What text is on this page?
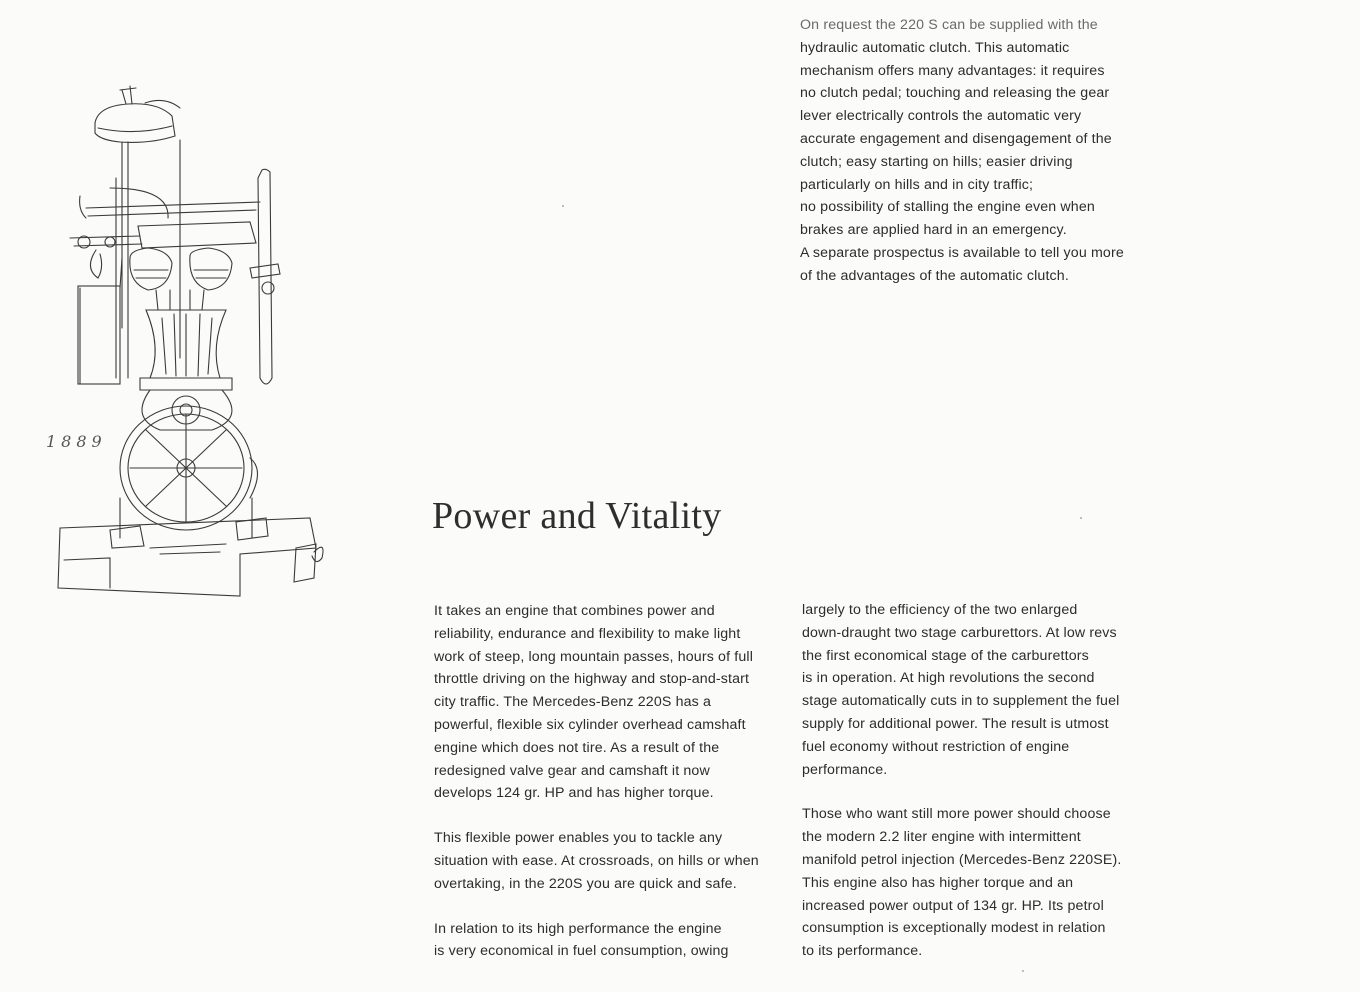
1889
On request the 220 S can be supplied with the
hydraulic automatic clutch. This automatic
mechanism offers many advantages: it requires
no clutch pedal; touching and releasing the gear
lever electrically controls the automatic very
accurate engagement and disengagement of the
clutch; easy starting on hills; easier driving
particularly on hills and in city traffic;
no possibility of stalling the engine even when
brakes are applied hard in an emergency.
A separate prospectus is available to tell you more
of the advantages of the automatic clutch.
Power and Vitality

It takes an engine that combines power and
reliability, endurance and flexibility to make light
work of steep, long mountain passes, hours of full
throttle driving on the highway and stop-and-start
city traffic. The Mercedes-Benz 220S has a
powerful, flexible six cylinder overhead camshaft
engine which does not tire. As a result of the
redesigned valve gear and camshaft it now
develops 124 gr. HP and has higher torque.

This flexible power enables you to tackle any
situation with ease. At crossroads, on hills or when
overtaking, in the 220S you are quick and safe.

In relation to its high performance the engine
is very economical in fuel consumption, owing

largely to the efficiency of the two enlarged
down-draught two stage carburettors. At low revs
the first economical stage of the carburettors
is in operation. At high revolutions the second
stage automatically cuts in to supplement the fuel
supply for additional power. The result is utmost
fuel economy without restriction of engine
performance.

Those who want still more power should choose
the modern 2.2 liter engine with intermittent
manifold petrol injection (Mercedes-Benz 220SE).
This engine also has higher torque and an
increased power output of 134 gr. HP. Its petrol
consumption is exceptionally modest in relation
to its performance.
